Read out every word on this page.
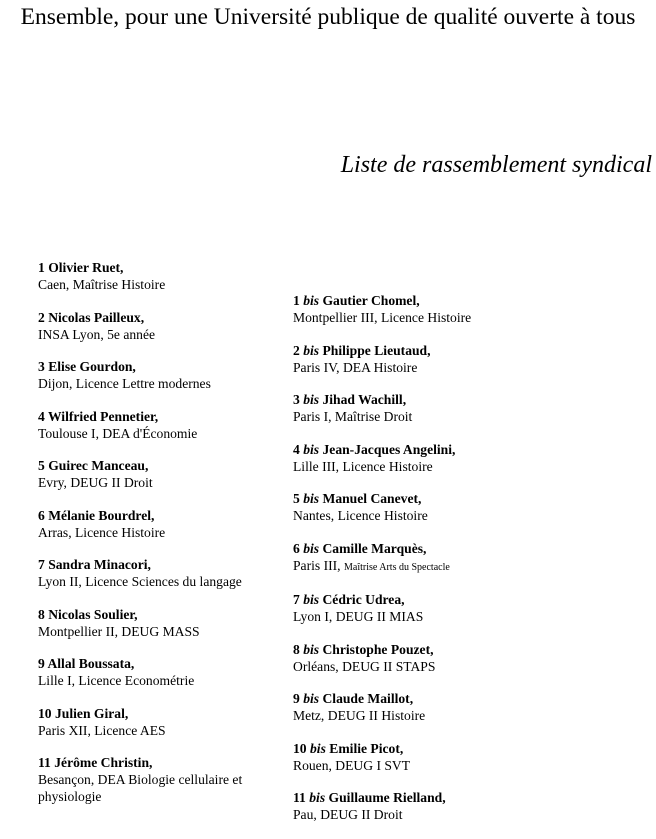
Ensemble, pour une Université publique de qualité ouverte à tous
Liste de rassemblement syndical
1 Olivier Ruet,
Caen, Maîtrise Histoire
2 Nicolas Pailleux,
INSA Lyon, 5e année
3 Elise Gourdon,
Dijon, Licence Lettre modernes
4 Wilfried Pennetier,
Toulouse I, DEA d'Économie
5 Guirec Manceau,
Evry, DEUG II Droit
6 Mélanie Bourdrel,
Arras, Licence Histoire
7 Sandra Minacori,
Lyon II, Licence Sciences du langage
8 Nicolas Soulier,
Montpellier II, DEUG MASS
9 Allal Boussata,
Lille I, Licence Econométrie
10 Julien Giral,
Paris XII, Licence AES
11 Jérôme Christin,
Besançon, DEA Biologie cellulaire et physiologie
1 bis Gautier Chomel,
Montpellier III, Licence Histoire
2 bis Philippe Lieutaud,
Paris IV, DEA Histoire
3 bis Jihad Wachill,
Paris I, Maîtrise Droit
4 bis Jean-Jacques Angelini,
Lille III, Licence Histoire
5 bis Manuel Canevet,
Nantes, Licence Histoire
6 bis Camille Marquès,
Paris III, Maîtrise Arts du Spectacle
7 bis Cédric Udrea,
Lyon I, DEUG II MIAS
8 bis Christophe Pouzet,
Orléans, DEUG II STAPS
9 bis Claude Maillot,
Metz, DEUG II Histoire
10 bis Emilie Picot,
Rouen, DEUG I SVT
11 bis Guillaume Rielland,
Pau, DEUG II Droit
